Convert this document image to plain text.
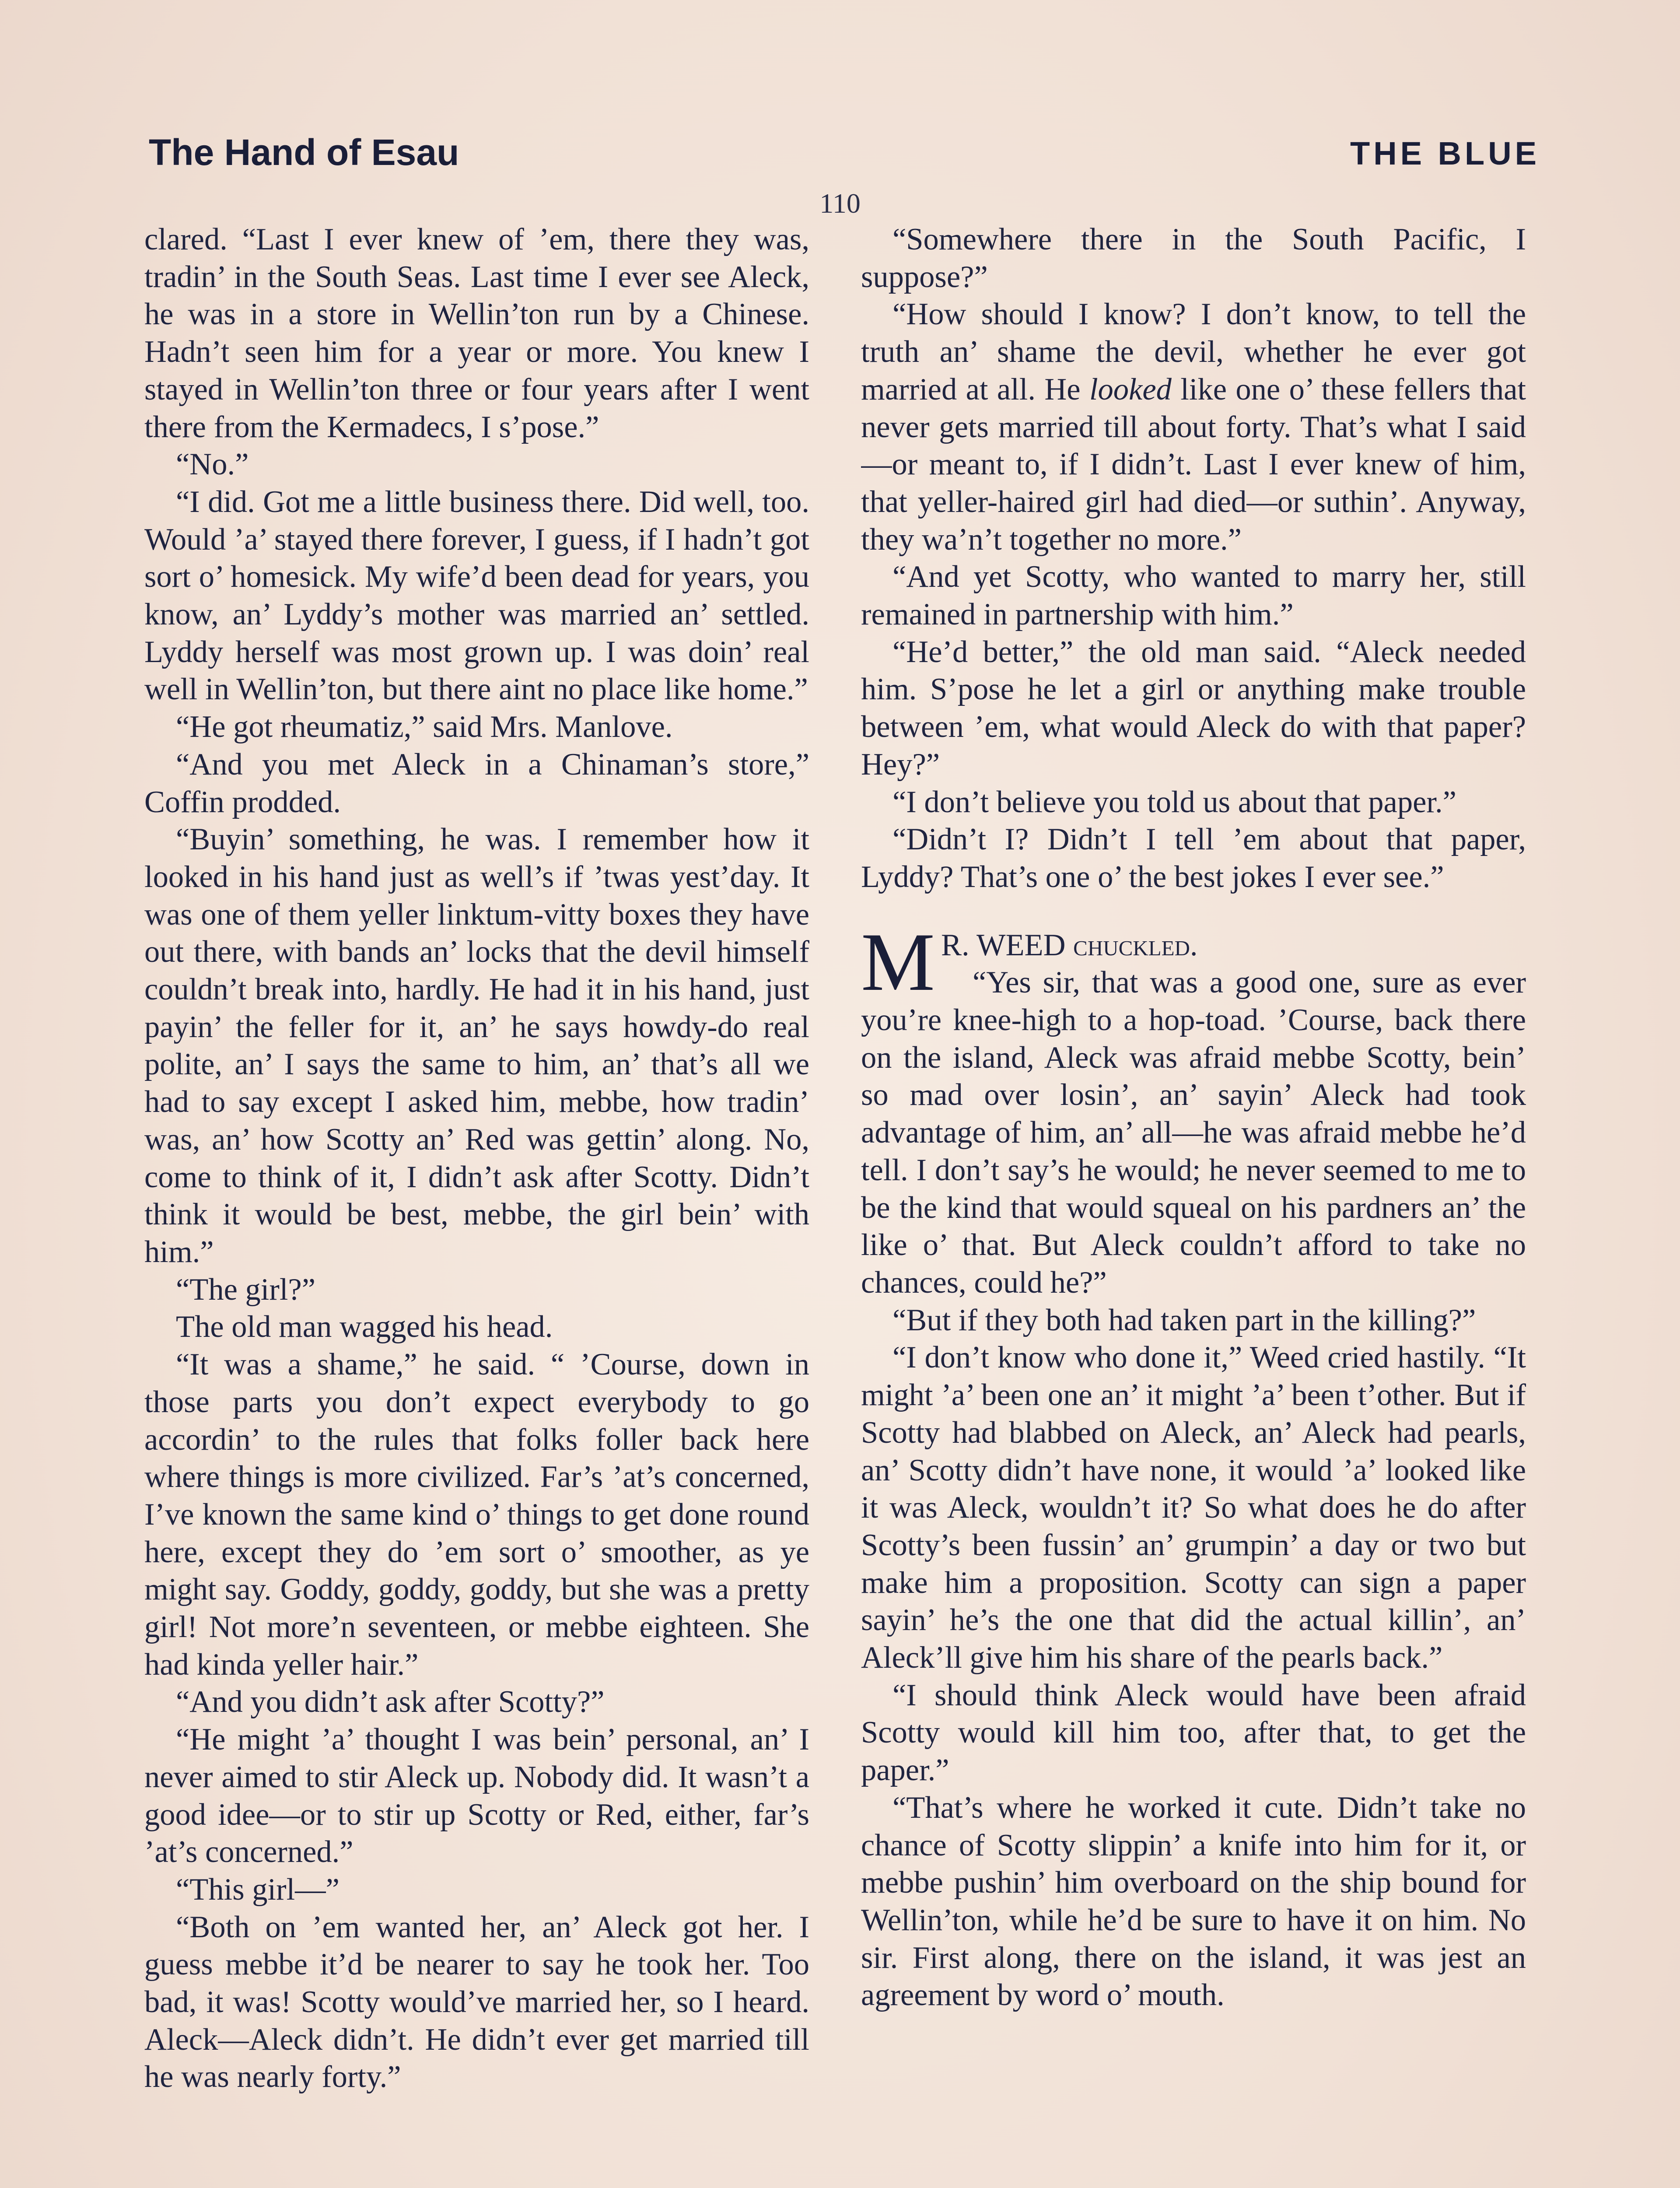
The Hand of Esau	THE BLUE
110

clared. “Last I ever knew of ’em, there they was, tradin’ in the South Seas. Last time I ever see Aleck, he was in a store in Wellin’ton run by a Chinese. Hadn’t seen him for a year or more. You knew I stayed in Wellin’ton three or four years after I went there from the Kermadecs, I s’pose.”

“No.”

“I did. Got me a little business there. Did well, too. Would ’a’ stayed there forever, I guess, if I hadn’t got sort o’ homesick. My wife’d been dead for years, you know, an’ Lyddy’s mother was married an’ settled. Lyddy herself was most grown up. I was doin’ real well in Wellin’ton, but there aint no place like home.”

“He got rheumatiz,” said Mrs. Manlove.

“And you met Aleck in a Chinaman’s store,” Coffin prodded.

“Buyin’ something, he was. I remember how it looked in his hand just as well’s if ’twas yest’day. It was one of them yeller linktum-vitty boxes they have out there, with bands an’ locks that the devil himself couldn’t break into, hardly. He had it in his hand, just payin’ the feller for it, an’ he says howdy-do real polite, an’ I says the same to him, an’ that’s all we had to say except I asked him, mebbe, how tradin’ was, an’ how Scotty an’ Red was gettin’ along. No, come to think of it, I didn’t ask after Scotty. Didn’t think it would be best, mebbe, the girl bein’ with him.”

“The girl?”

The old man wagged his head.

“It was a shame,” he said. “ ’Course, down in those parts you don’t expect everybody to go accordin’ to the rules that folks foller back here where things is more civilized. Far’s ’at’s concerned, I’ve known the same kind o’ things to get done round here, except they do ’em sort o’ smoother, as ye might say. Goddy, goddy, goddy, but she was a pretty girl! Not more’n seventeen, or mebbe eighteen. She had kinda yeller hair.”

“And you didn’t ask after Scotty?”

“He might ’a’ thought I was bein’ personal, an’ I never aimed to stir Aleck up. Nobody did. It wasn’t a good idee—or to stir up Scotty or Red, either, far’s ’at’s concerned.”

“This girl—”

“Both on ’em wanted her, an’ Aleck got her. I guess mebbe it’d be nearer to say he took her. Too bad, it was! Scotty would’ve married her, so I heard. Aleck—Aleck didn’t. He didn’t ever get married till he was nearly forty.”

“Somewhere there in the South Pacific, I suppose?”

“How should I know? I don’t know, to tell the truth an’ shame the devil, whether he ever got married at all. He looked like one o’ these fellers that never gets married till about forty. That’s what I said—or meant to, if I didn’t. Last I ever knew of him, that yeller-haired girl had died—or suthin’. Anyway, they wa’n’t together no more.”

“And yet Scotty, who wanted to marry her, still remained in partnership with him.”

“He’d better,” the old man said. “Aleck needed him. S’pose he let a girl or anything make trouble between ’em, what would Aleck do with that paper? Hey?”

“I don’t believe you told us about that paper.”

“Didn’t I? Didn’t I tell ’em about that paper, Lyddy? That’s one o’ the best jokes I ever see.”

M R. WEED chuckled.

“Yes sir, that was a good one, sure as ever you’re knee-high to a hop-toad. ’Course, back there on the island, Aleck was afraid mebbe Scotty, bein’ so mad over losin’, an’ sayin’ Aleck had took advantage of him, an’ all—he was afraid mebbe he’d tell. I don’t say’s he would; he never seemed to me to be the kind that would squeal on his pardners an’ the like o’ that. But Aleck couldn’t afford to take no chances, could he?”

“But if they both had taken part in the killing?”

“I don’t know who done it,” Weed cried hastily. “It might ’a’ been one an’ it might ’a’ been t’other. But if Scotty had blabbed on Aleck, an’ Aleck had pearls, an’ Scotty didn’t have none, it would ’a’ looked like it was Aleck, wouldn’t it? So what does he do after Scotty’s been fussin’ an’ grumpin’ a day or two but make him a proposition. Scotty can sign a paper sayin’ he’s the one that did the actual killin’, an’ Aleck’ll give him his share of the pearls back.”

“I should think Aleck would have been afraid Scotty would kill him too, after that, to get the paper.”

“That’s where he worked it cute. Didn’t take no chance of Scotty slippin’ a knife into him for it, or mebbe pushin’ him overboard on the ship bound for Wellin’ton, while he’d be sure to have it on him. No sir. First along, there on the island, it was jest an agreement by word o’ mouth.
